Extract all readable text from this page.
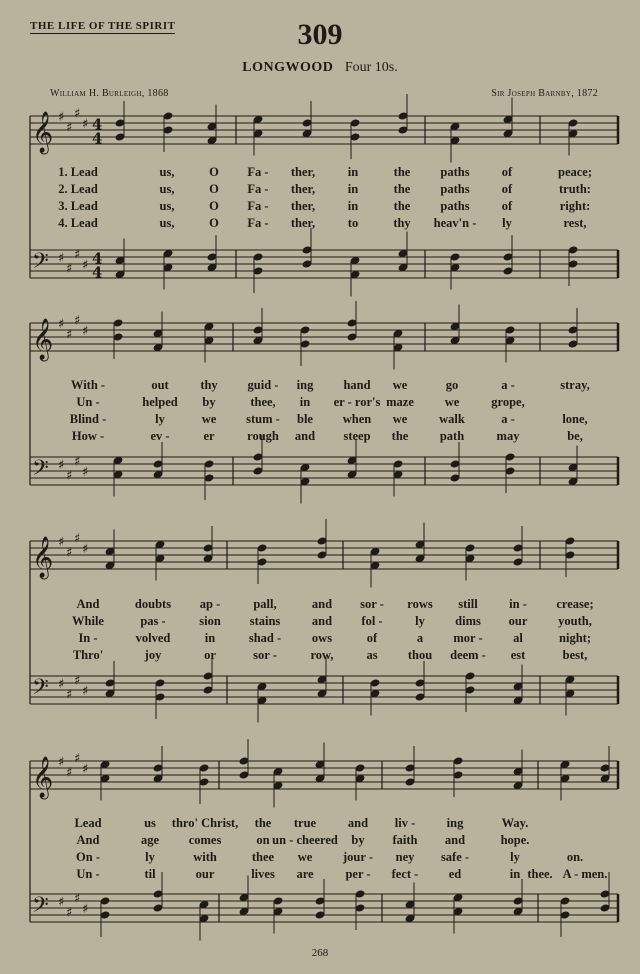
THE LIFE OF THE SPIRIT	309
LONGWOOD Four 10s.
William H. Burleigh, 1868	Sir Joseph Barnby, 1872
𝄞 ♯
♯
♯
♯ 4
4
𝄢 ♯
♯
♯
♯ 4
4
𝄞 ♯
♯
♯
♯
𝄢 ♯
♯
♯
♯
𝄞 ♯
♯
♯
♯
𝄢 ♯
♯
♯
♯
𝄞 ♯
♯
♯
♯
𝄢 ♯
♯
♯
♯
1. Lead	us,	O Fa - ther,	in	the paths	of	peace;
2. Lead	us,	O Fa - ther,	in	the paths	of	truth:
3. Lead	us,	O Fa - ther,	in	the paths	of	right:
4. Lead	us,	O Fa - ther,	to	thy heav'n - ly	rest,
With -	out	thy guid - ing hand we	go	a -	stray,
Un -	helped by	thee, in er - ror's maze we	grope,
Blind -	ly	we stum - ble when we	walk	a -	lone,
How -	ev -	er	rough and steep the	path	may	be,
And	doubts ap -	pall,	and sor - rows still	in - crease;
While	pas -	sion stains	and fol -	ly dims our youth,
In -	volved	in	shad - ows	of	a mor - al	night;
Thro'	joy	or	sor -	row,	as thou deem - est	best,
Lead	us thro' Christ, the true	and liv -	ing	Way.
And	age comes	on un - cheered by faith and	hope.
On -	ly	with	thee we jour - ney safe -	ly	on.
Un -	til	our	lives are	per - fect - ed	in thee. A - men.
268
